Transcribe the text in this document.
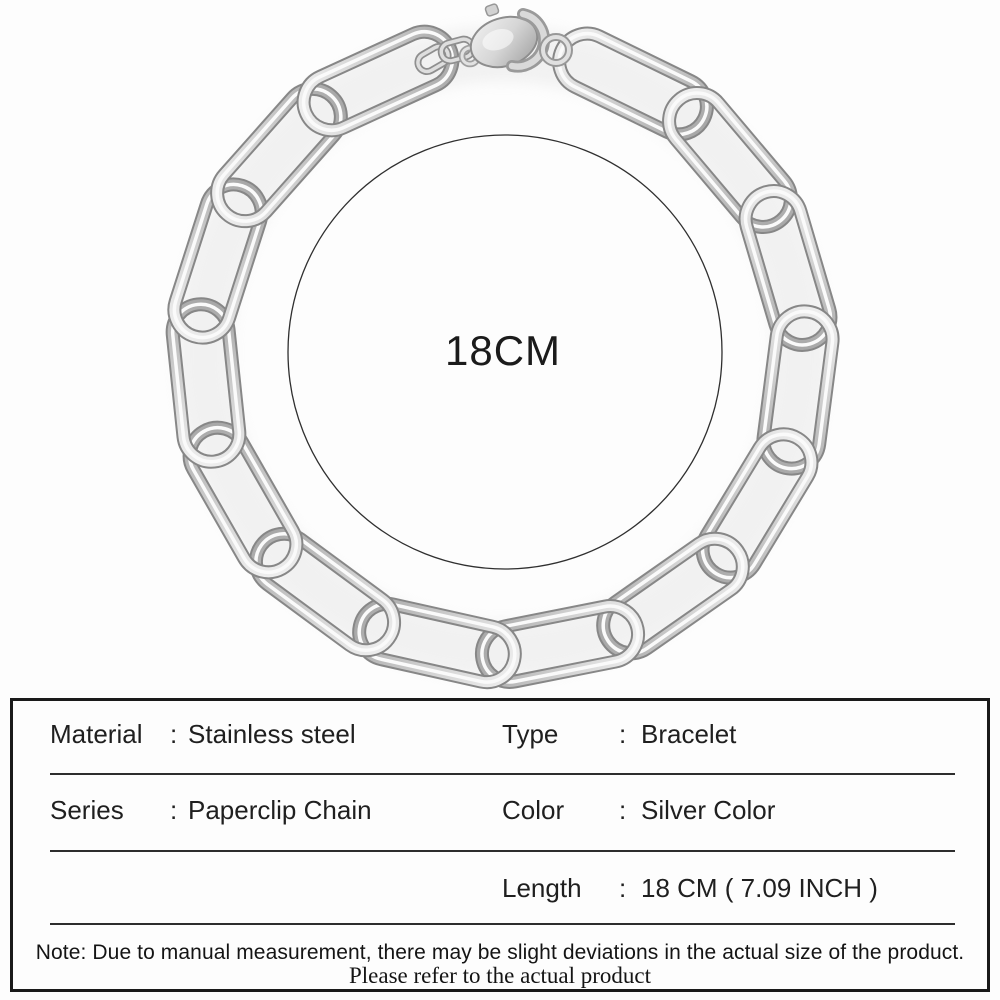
18CM
Material : Stainless steel	Type : Bracelet
Series : Paperclip Chain	Color : Silver Color
Length : 18 CM ( 7.09 INCH )
Note: Due to manual measurement, there may be slight deviations in the actual size of the product.
Please refer to the actual product
